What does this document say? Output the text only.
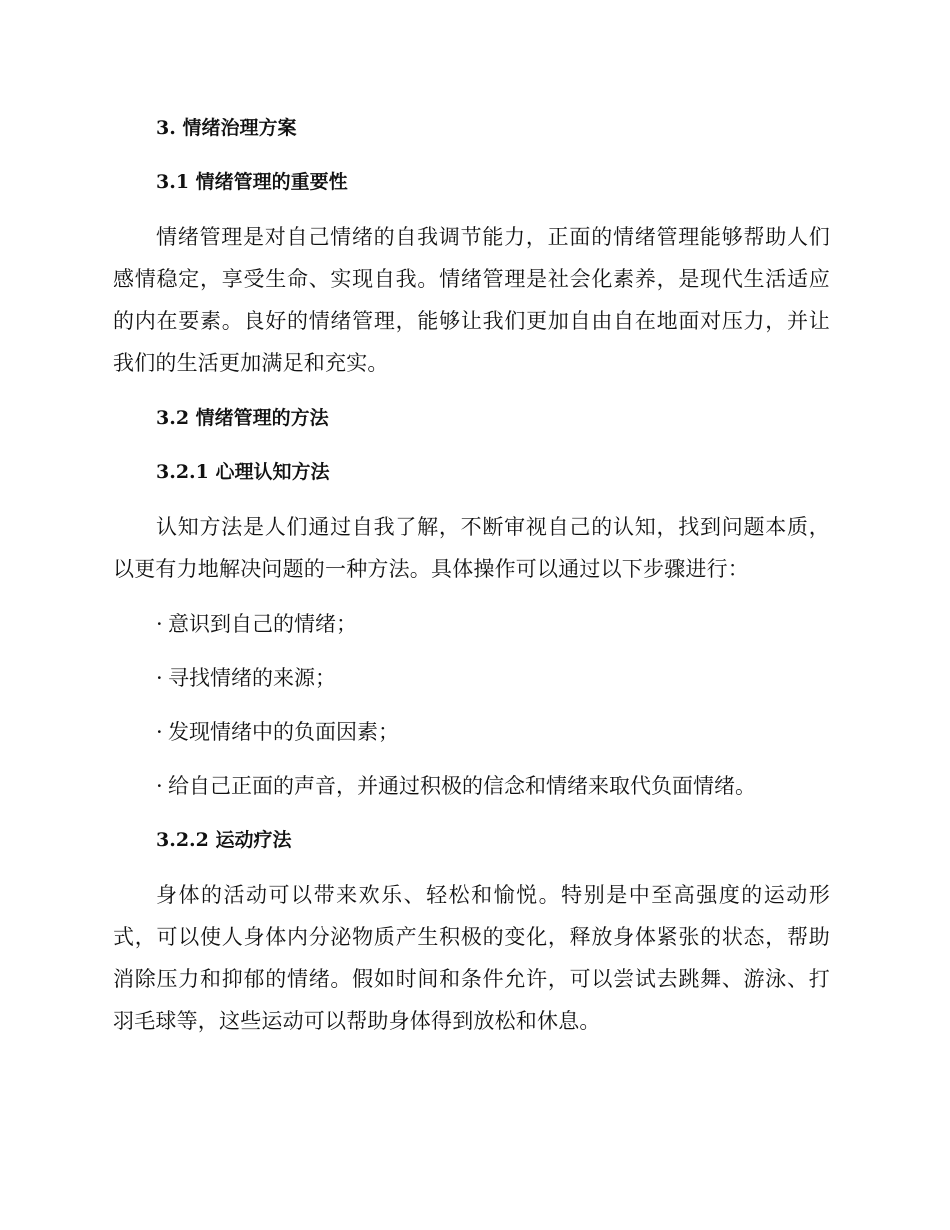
3. 情绪治理方案
3.1 情绪管理的重要性

情绪管理是对自己情绪的自我调节能力，正面的情绪管理能够帮助人们感情稳定，享受生命、实现自我。情绪管理是社会化素养，是现代生活适应的内在要素。良好的情绪管理，能够让我们更加自由自在地面对压力，并让我们的生活更加满足和充实。

3.2 情绪管理的方法
3.2.1 心理认知方法

认知方法是人们通过自我了解，不断审视自己的认知，找到问题本质，以更有力地解决问题的一种方法。具体操作可以通过以下步骤进行：

· 意识到自己的情绪；
· 寻找情绪的来源；
· 发现情绪中的负面因素；
· 给自己正面的声音，并通过积极的信念和情绪来取代负面情绪。
3.2.2 运动疗法

身体的活动可以带来欢乐、轻松和愉悦。特别是中至高强度的运动形式，可以使人身体内分泌物质产生积极的变化，释放身体紧张的状态，帮助消除压力和抑郁的情绪。假如时间和条件允许，可以尝试去跳舞、游泳、打羽毛球等，这些运动可以帮助身体得到放松和休息。
